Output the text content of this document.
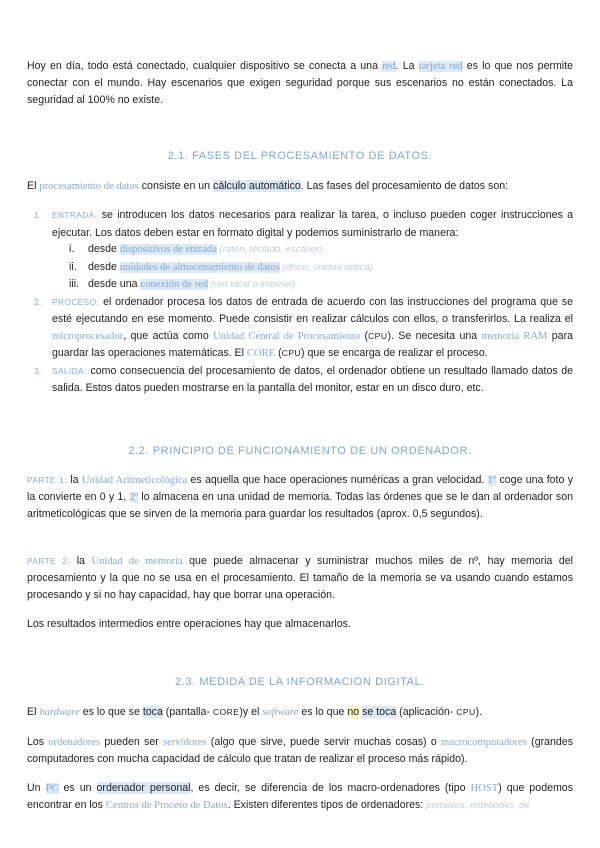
Hoy en día, todo está conectado, cualquier dispositivo se conecta a una red. La tarjeta red es lo que nos permite conectar con el mundo. Hay escenarios que exigen seguridad porque sus escenarios no están conectados. La seguridad al 100% no existe.
2.1. FASES DEL PROCESAMIENTO DE DATOS.
El procesamiento de datos consiste en un cálculo automático. Las fases del procesamiento de datos son:
1. ENTRADA: se introducen los datos necesarios para realizar la tarea, o incluso pueden coger instrucciones a ejecutar. Los datos deben estar en formato digital y podemos suministrarlo de manera:
i. desde dispositivos de entrada (ratón, teclado, escáner).
ii. desde unidades de almacenamiento de datos (disco, unidad óptica).
iii. desde una conexión de red (red local o internet).
2. PROCESO: el ordenador procesa los datos de entrada de acuerdo con las instrucciones del programa que se esté ejecutando en ese momento. Puede consistir en realizar cálculos con ellos, o transferirlos. La realiza el microprocesador, que actúa como Unidad Central de Procesamiento (CPU). Se necesita una memoria RAM para guardar las operaciones matemáticas. El CORE (CPU) que se encarga de realizar el proceso.
3. SALIDA: como consecuencia del procesamiento de datos, el ordenador obtiene un resultado llamado datos de salida. Estos datos pueden mostrarse en la pantalla del monitor, estar en un disco duro, etc.
2.2. PRINCIPIO DE FUNCIONAMIENTO DE UN ORDENADOR.
PARTE 1: la Unidad Aritmeticológica es aquella que hace operaciones numéricas a gran velocidad. 1º coge una foto y la convierte en 0 y 1, 2º lo almacena en una unidad de memoria. Todas las órdenes que se le dan al ordenador son aritmeticológicas que se sirven de la memoria para guardar los resultados (aprox. 0,5 segundos).
PARTE 2: la Unidad de memoria que puede almacenar y suministrar muchos miles de nº, hay memoria del procesamiento y la que no se usa en el procesamiento. El tamaño de la memoria se va usando cuando estamos procesando y si no hay capacidad, hay que borrar una operación.
Los resultados intermedios entre operaciones hay que almacenarlos.
2.3. MEDIDA DE LA INFORMACIÓN DIGITAL.
El hardware es lo que se toca (pantalla- CORE)y el software es lo que no se toca (aplicación- CPU).
Los ordenadores pueden ser servidores (algo que sirve, puede servir muchas cosas) o macrocomputadores (grandes computadores con mucha capacidad de cálculo que tratan de realizar el proceso más rápido).
Un PC es un ordenador personal, es decir, se diferencia de los macro-ordenadores (tipo HOST) que podemos encontrar en los Centros de Proceso de Datos. Existen diferentes tipos de ordenadores: portátiles, notebooks, de
